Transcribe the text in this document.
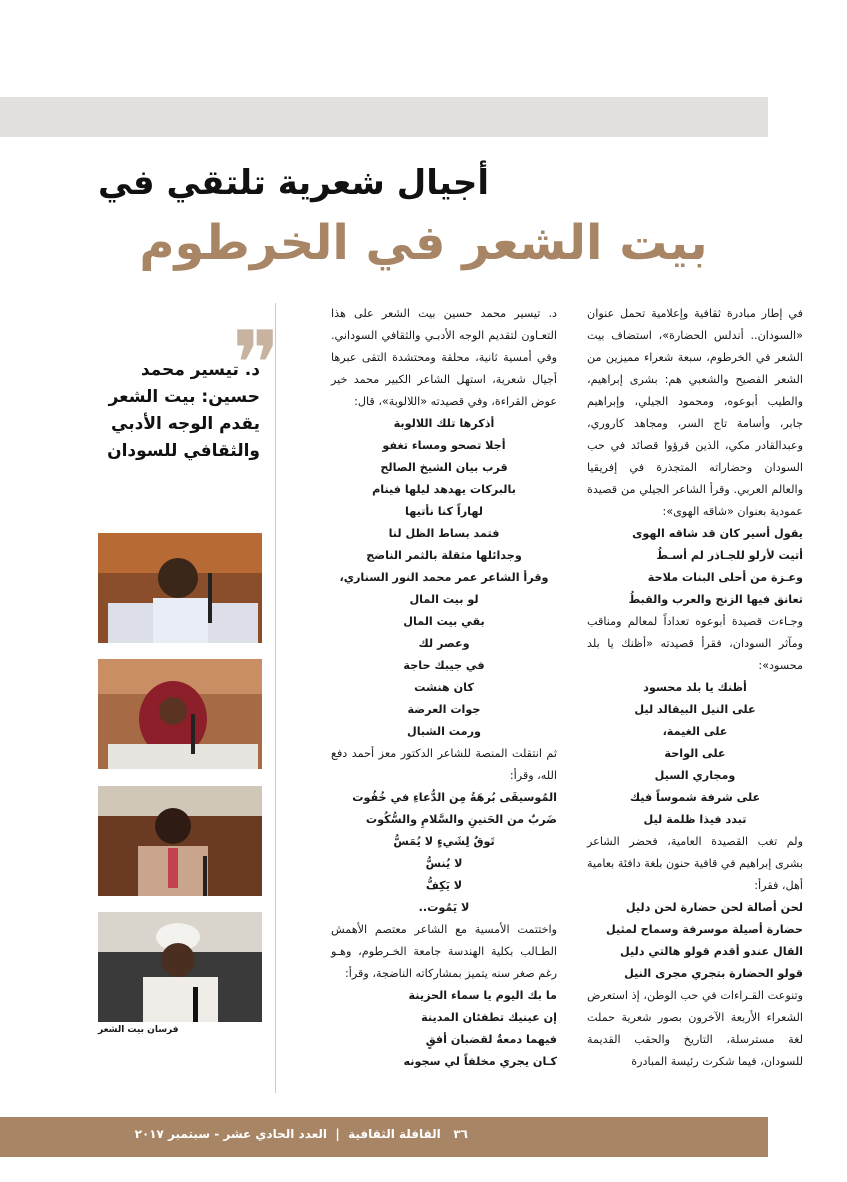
أجيال شعرية تلتقي في
بيت الشعر في الخرطوم

في إطار مبادرة ثقافية وإعلامية تحمل عنوان «السودان.. أندلس الحضارة»، استضاف بيت الشعر في الخرطوم، سبعة شعراء مميزين من الشعر الفصيح والشعبي هم: بشرى إبراهيم، والطيب أبوعوه، ومحمود الجيلي، وإبراهيم جابر، وأسامة تاج السر، ومجاهد كاروري، وعبدالقادر مكي، الذين قرؤوا قصائد في حب السودان وحضاراته المتجذرة في إفريقيا والعالم العربي. وقرأ الشاعر الجيلي من قصيدة عمودية بعنوان «شاقه الهوى»:

يقول أسير كان قد شاقه الهوى

أتيت لأرلو للجـاذر لم أسـطُ

وعـزة من أحلى البنات ملاحة

تعانق فيها الزنج والعرب والقبطُ

وجـاءت قصيدة أبوعوه تعداداً لمعالم ومناقب ومآثر السودان، فقرأ قصيدته «أظنك يا بلد محسود»:

أظنك يا بلد محسود

على النيل البيقالد ليل

على الغيمة،

على الواحة

ومجاري السيل

على شرفة شموساً فيك

تبدد فيذا ظلمة ليل

ولم تغب القصيدة العامية، فحضر الشاعر بشرى إبراهيم في قافية حنون بلغة دافئة بعامية أهل، فقرأ:

لحن أصالة لحن حضارة لحن دليل

حضارة أصيلة موسرفة وسماح لمثيل

القال عندو أقدم قولو هالتي دليل

قولو الحضارة بتجري مجرى النيل

وتنوعت القـراءات في حب الوطن، إذ استعرض الشعراء الأربعة الآخرون بصور شعرية حملت لغة مسترسلة، التاريخ والحقب القديمة للسودان، فيما شكرت رئيسة المبادرة

د. تيسير محمد حسين بيت الشعر على هذا التعـاون لتقديم الوجه الأدبـي والثقافي السوداني. وفي أمسية ثانية، محلقة ومحتشدة التقى عبرها أجيال شعرية، استهل الشاعر الكبير محمد خير عوض القراءة، وفي قصيدته «اللالوبة»، قال:

أذكرها تلك اللالوبة

أجلا تصحو ومساء تغفو

قرب بيان الشيخ الصالح

بالبركات يهدهد ليلها فينام

لهاراً كنا نأتيها

فتمد بساط الظل لنا

وجدائلها مثقلة بالثمر الناضج

وقرأ الشاعر عمر محمد النور السناري،

لو بيت المال

بقي بيت المال

وعصر لك

في جيبك حاجة

كان هنشت

جوات العرضة

ورمت الشبال

ثم انتقلت المنصة للشاعر الدكتور معز أحمد دفع الله، وقرأ:

المُوسيقَى بُرهَةُ مِن الدُّعاءِ في خُفُوت

ضَربٌ من الحَنينِ والسَّلامِ والسُّكُوت

تَوقٌ لِشَيءٍ لا يُمَسُّ

لا يُنسُّ

لا يَكِفُّ

لا يَمُوت..

واختتمت الأمسية مع الشاعر معتصم الأهمش الطـالب بكلية الهندسة جامعة الخـرطوم، وهـو رغم صغر سنه يتميز بمشاركاته الناضجة، وقرأ:

ما بك اليوم يا سماء الحزينة

إن عينيك تطفئان المدينة

فيهما دمعةٌ لقضبان أفقٍ

كـان يجري مخلفاً لي سجونه

❞
د. تيسير محمد حسين: بيت الشعر يقدم الوجه الأدبي والثقافي للسودان
فرسان بيت الشعر
٣٦   القافلة الثقافية  |  العدد الحادي عشر - سبتمبر ٢٠١٧
